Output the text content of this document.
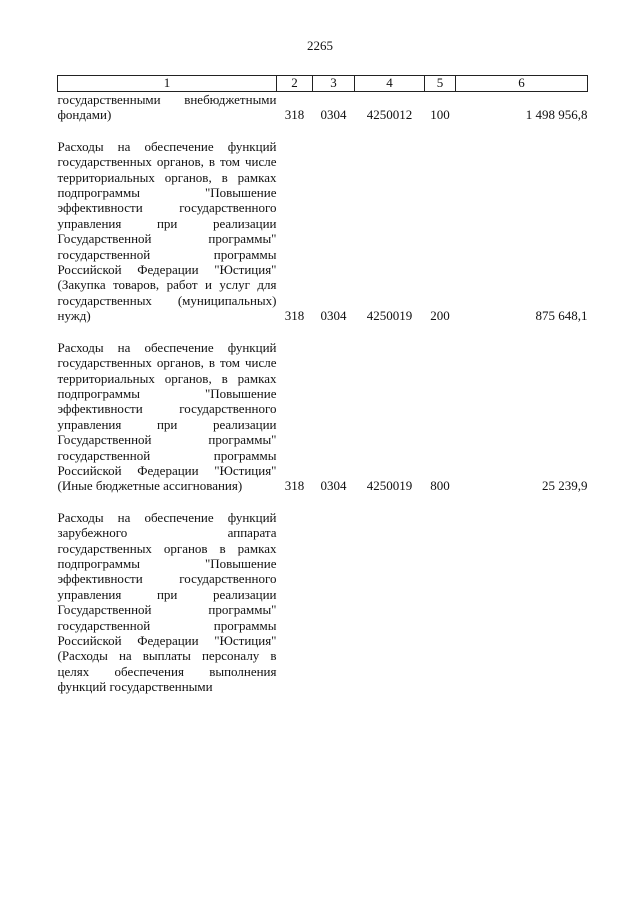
2265
1	2	3	4	5	6
государственными внебюджетными фондами)	318	0304	4250012	100	1 498 956,8

Расходы на обеспечение функций государственных органов, в том числе территориальных органов, в рамках подпрограммы "Повышение эффективности государственного управления при реализации Государственной программы" государственной программы Российской Федерации "Юстиция" (Закупка товаров, работ и услуг для государственных (муниципальных) нужд)	318	0304	4250019	200	875 648,1

Расходы на обеспечение функций государственных органов, в том числе территориальных органов, в рамках подпрограммы "Повышение эффективности государственного управления при реализации Государственной программы" государственной программы Российской Федерации "Юстиция" (Иные бюджетные ассигнования)	318	0304	4250019	800	25 239,9

Расходы на обеспечение функций зарубежного аппарата государственных органов в рамках подпрограммы "Повышение эффективности государственного управления при реализации Государственной программы" государственной программы Российской Федерации "Юстиция" (Расходы на выплаты персоналу в целях обеспечения выполнения функций государственными					
